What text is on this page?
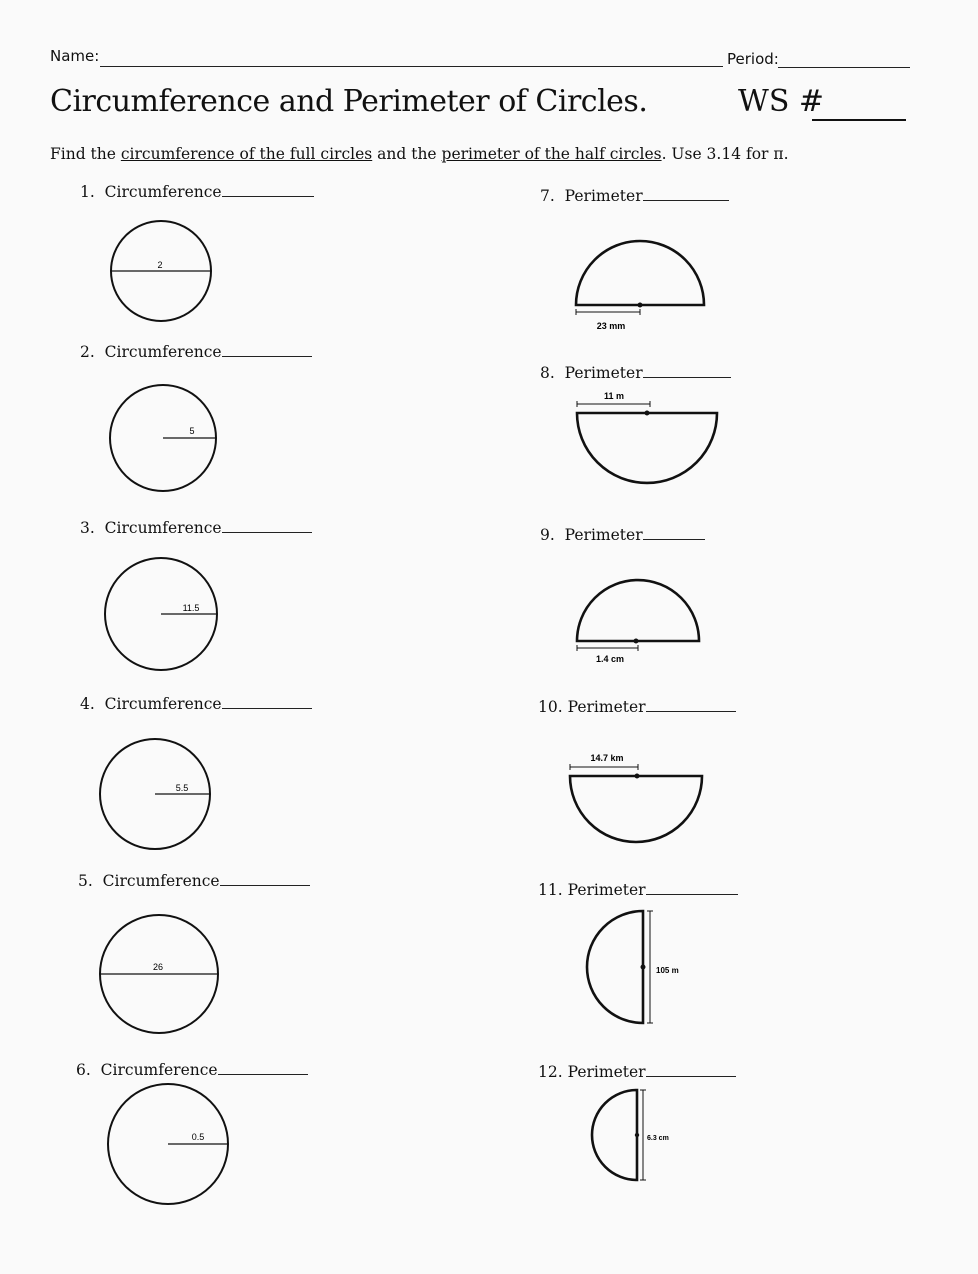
Name:	Period:
Circumference and Perimeter of Circles.	WS #
Find the circumference of the full circles and the perimeter of the half circles. Use 3.14 for π.
1. Circumference
2
2. Circumference
5
3. Circumference
11.5
4. Circumference
5.5
5. Circumference
26
6. Circumference
0.5
7. Perimeter
23 mm
8. Perimeter
11 m
9. Perimeter
1.4 cm
10. Perimeter
14.7 km
11. Perimeter
105 m
12. Perimeter
6.3 cm
